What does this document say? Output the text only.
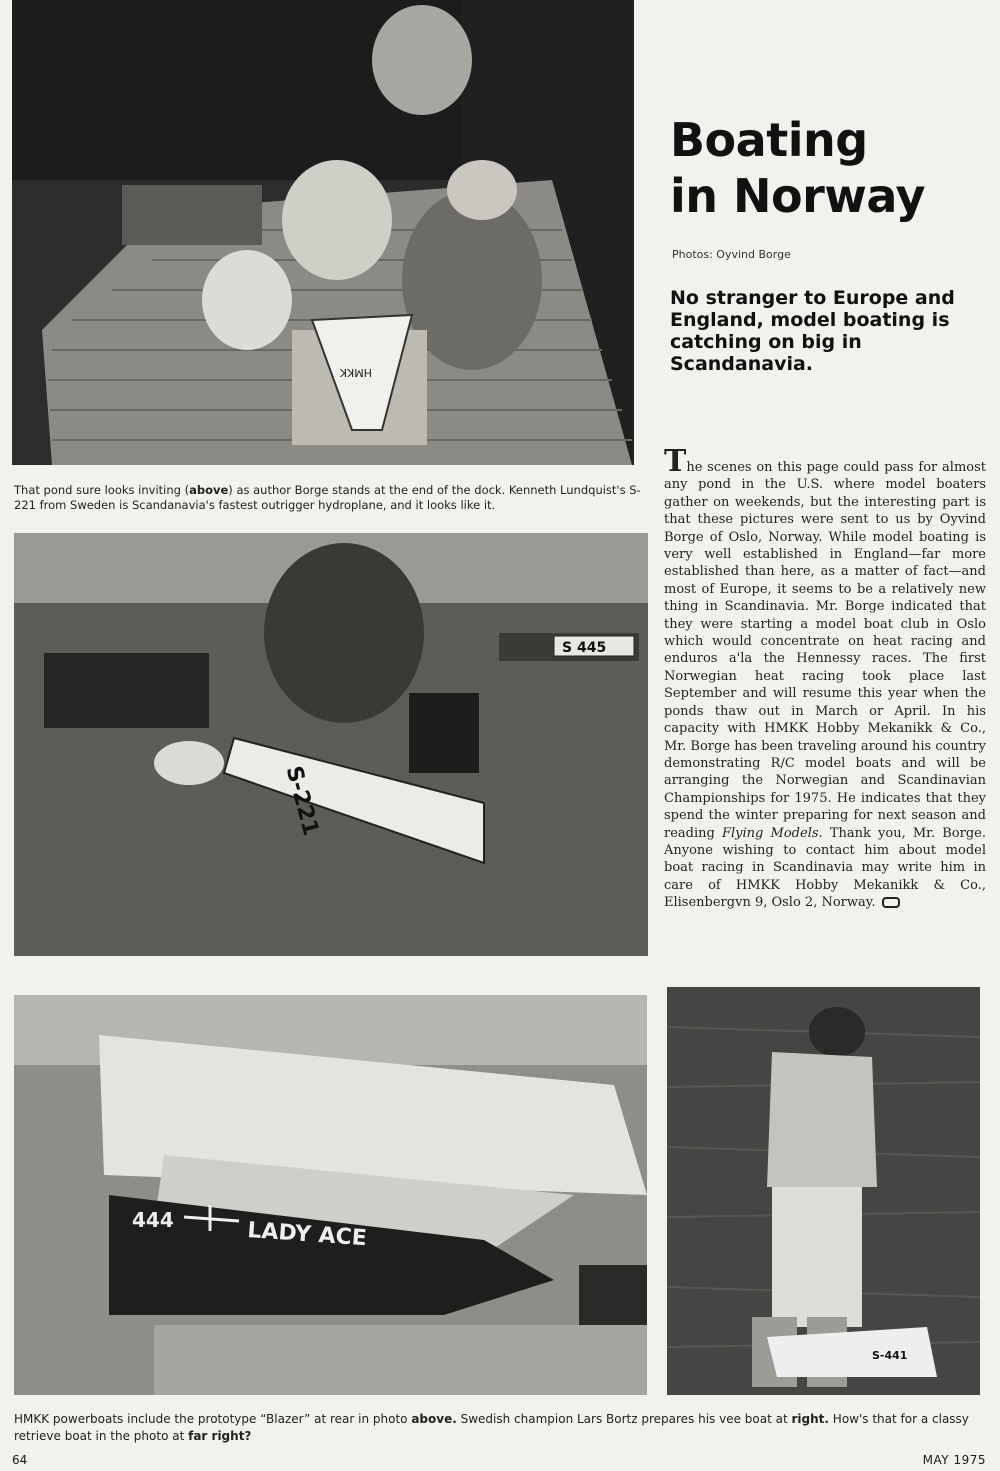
HMKK
That pond sure looks inviting (above) as author Borge stands at the end of the dock. Kenneth Lundquist's S-221 from Sweden is Scandanavia's fastest outrigger hydroplane, and it looks like it.
S 445
S-221
Boating
in Norway
Photos: Oyvind Borge
No stranger to Europe and England, model boating is catching on big in Scandanavia.
The scenes on this page could pass for almost any pond in the U.S. where model boaters gather on weekends, but the interesting part is that these pictures were sent to us by Oyvind Borge of Oslo, Norway. While model boating is very well established in England—far more established than here, as a matter of fact—and most of Europe, it seems to be a relatively new thing in Scandinavia. Mr. Borge indicated that they were starting a model boat club in Oslo which would concentrate on heat racing and enduros a'la the Hennessy races. The first Norwegian heat racing took place last September and will resume this year when the ponds thaw out in March or April. In his capacity with HMKK Hobby Mekanikk & Co., Mr. Borge has been traveling around his country demonstrating R/C model boats and will be arranging the Norwegian and Scandinavian Championships for 1975. He indicates that they spend the winter preparing for next season and reading Flying Models. Thank you, Mr. Borge. Anyone wishing to contact him about model boat racing in Scandinavia may write him in care of HMKK Hobby Mekanikk & Co., Elisenbergvn 9, Oslo 2, Norway.
444	LADY ACE
HMKK powerboats include the prototype “Blazer” at rear in photo above. Swedish champion Lars Bortz prepares his vee boat at right. How's that for a classy retrieve boat in the photo at far right?
S-441
64	MAY 1975
